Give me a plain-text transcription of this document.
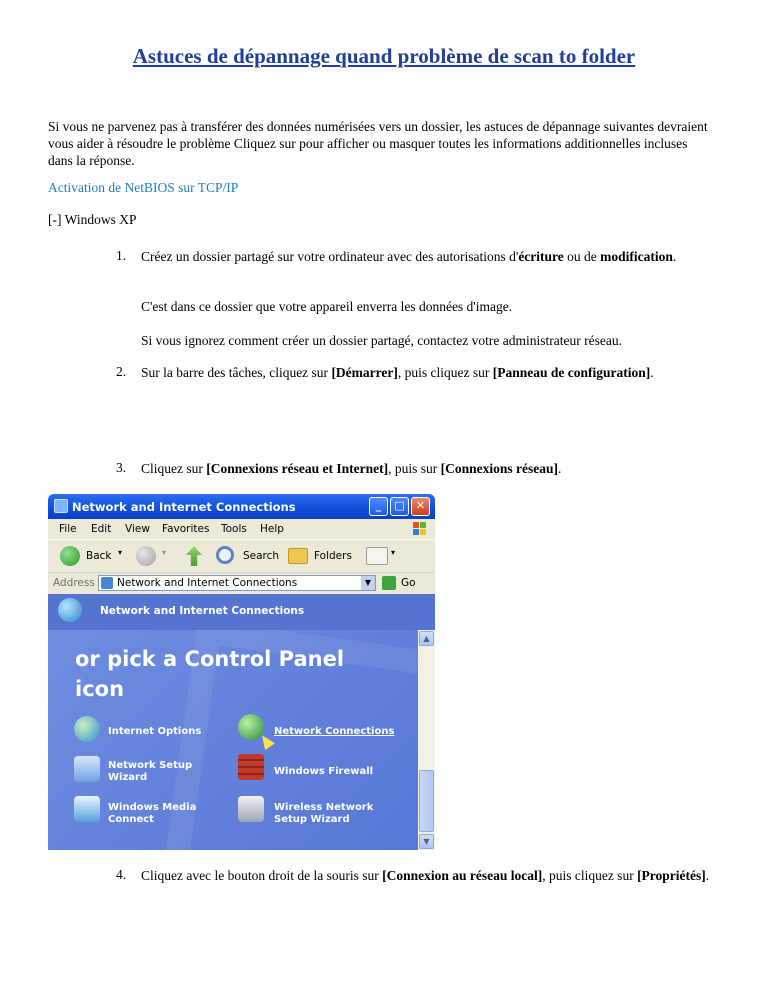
Astuces de dépannage quand problème de scan to folder

Si vous ne parvenez pas à transférer des données numérisées vers un dossier, les astuces de dépannage suivantes devraient vous aider à résoudre le problème Cliquez sur pour afficher ou masquer toutes les informations additionnelles incluses dans la réponse.

Activation de NetBIOS sur TCP/IP

[-] Windows XP

1. Créez un dossier partagé sur votre ordinateur avec des autorisations d'écriture ou de modification.
C'est dans ce dossier que votre appareil enverra les données d'image.
Si vous ignorez comment créer un dossier partagé, contactez votre administrateur réseau.
2. Sur la barre des tâches, cliquez sur [Démarrer], puis cliquez sur [Panneau de configuration].
3. Cliquez sur [Connexions réseau et Internet], puis sur [Connexions réseau].
Network and Internet Connections	_	□	✕
File Edit View Favorites Tools Help
Back ▾	▾	Search	Folders	▾
Address Network and Internet Connections	▼	Go
Network and Internet Connections
or pick a Control Panel icon
Internet Options	Network Connections
Network Setup Wizard
Windows Firewall
Windows Media Connect
Wireless Network Setup Wizard
▲
▼
4. Cliquez avec le bouton droit de la souris sur [Connexion au réseau local], puis cliquez sur [Propriétés].
